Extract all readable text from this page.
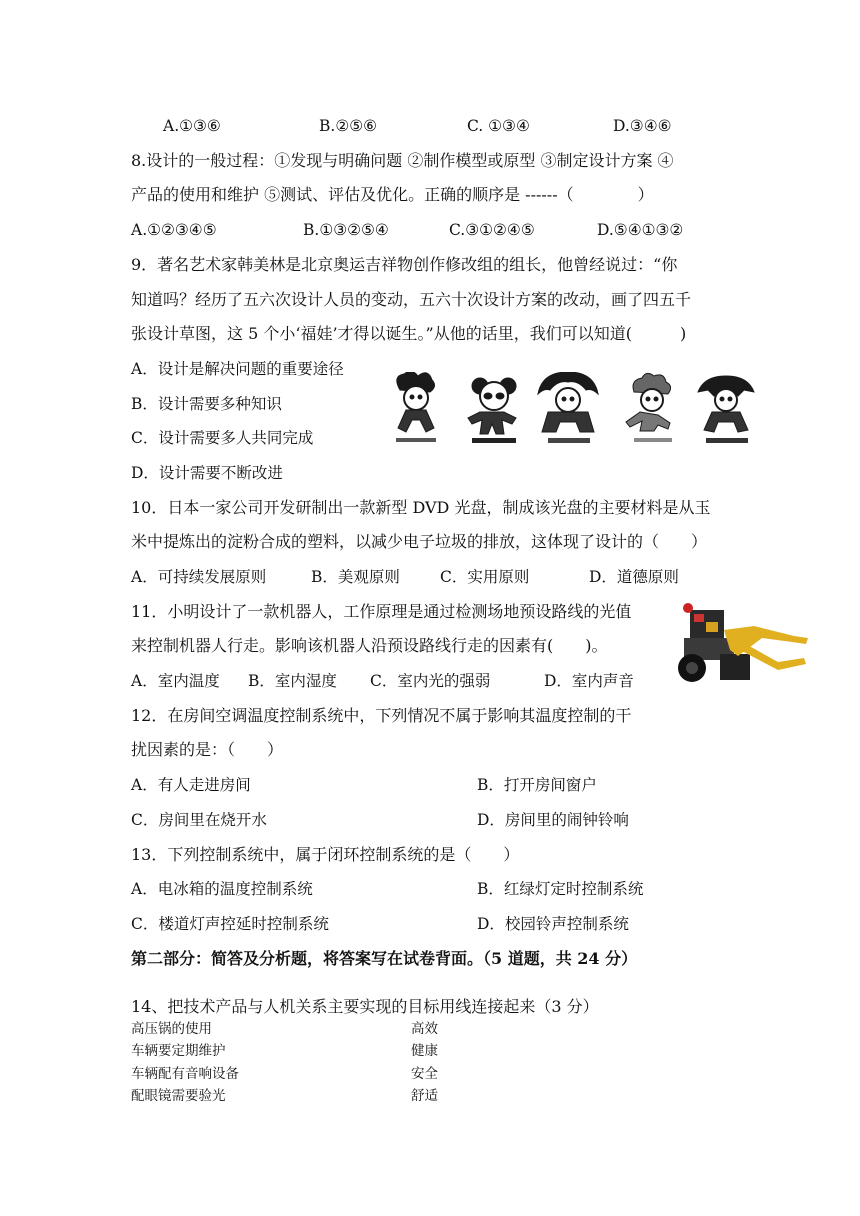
A.①③⑥	B.②⑤⑥	C. ①③④	D.③④⑥
8.设计的一般过程：①发现与明确问题 ②制作模型或原型 ③制定设计方案 ④
产品的使用和维护 ⑤测试、评估及优化。正确的顺序是 ------（　　　　）
A.①②③④⑤	B.①③②⑤④	C.③①②④⑤	D.⑤④①③②
9．著名艺术家韩美林是北京奥运吉祥物创作修改组的组长，他曾经说过：“你
知道吗？经历了五六次设计人员的变动，五六十次设计方案的改动，画了四五千
张设计草图，这 5 个小‘福娃’才得以诞生。”从他的话里，我们可以知道(　　　)
A．设计是解决问题的重要途径
B．设计需要多种知识
C．设计需要多人共同完成
D．设计需要不断改进
10．日本一家公司开发研制出一款新型 DVD 光盘，制成该光盘的主要材料是从玉
米中提炼出的淀粉合成的塑料，以减少电子垃圾的排放，这体现了设计的（　　）
A．可持续发展原则	B．美观原则	C．实用原则	D．道德原则
11．小明设计了一款机器人，工作原理是通过检测场地预设路线的光值
来控制机器人行走。影响该机器人沿预设路线行走的因素有(　　)。
A．室内温度 B．室内湿度 C．室内光的强弱	D．室内声音
12．在房间空调温度控制系统中，下列情况不属于影响其温度控制的干
扰因素的是：（　　）
A．有人走进房间	B．打开房间窗户
C．房间里在烧开水	D．房间里的闹钟铃响
13．下列控制系统中，属于闭环控制系统的是（　　）
A．电冰箱的温度控制系统	B．红绿灯定时控制系统
C．楼道灯声控延时控制系统	D．校园铃声控制系统
第二部分：简答及分析题，将答案写在试卷背面。（5 道题，共 24 分）
14、把技术产品与人机关系主要实现的目标用线连接起来（3 分）
高压锅的使用
车辆要定期维护
车辆配有音响设备
配眼镜需要验光
高效
健康
安全
舒适
